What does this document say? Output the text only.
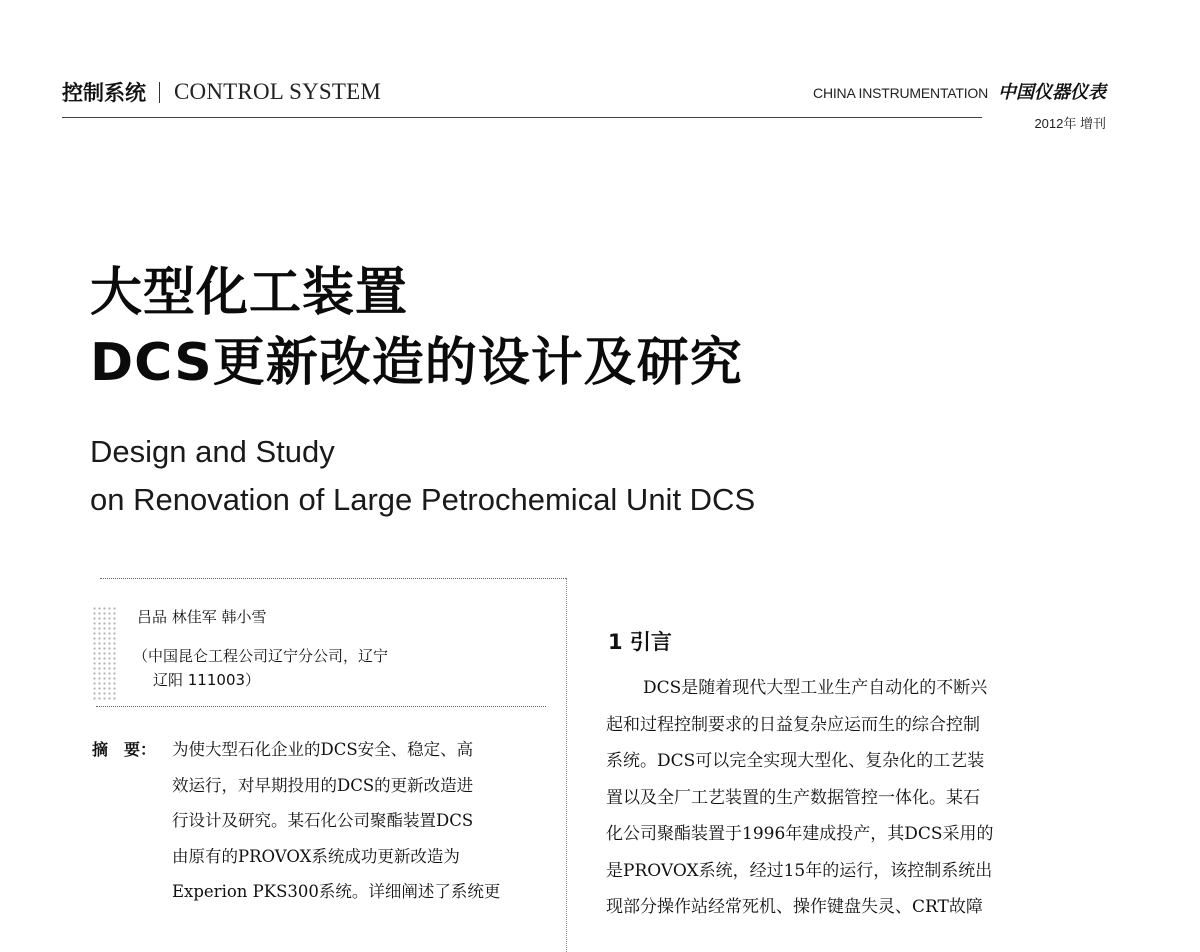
控制系统 CONTROL SYSTEM	CHINA INSTRUMENTATION 中国仪器仪表
2012年 增刊
大型化工装置
DCS更新改造的设计及研究
Design and Study
on Renovation of Large Petrochemical Unit DCS
吕品 林佳军 韩小雪
（中国昆仑工程公司辽宁分公司，辽宁
辽阳 111003）
摘　要： 为使大型石化企业的DCS安全、稳定、高
效运行，对早期投用的DCS的更新改造进
行设计及研究。某石化公司聚酯装置DCS
由原有的PROVOX系统成功更新改造为
Experion PKS300系统。详细阐述了系统更
1 引言
DCS是随着现代大型工业生产自动化的不断兴
起和过程控制要求的日益复杂应运而生的综合控制
系统。DCS可以完全实现大型化、复杂化的工艺装
置以及全厂工艺装置的生产数据管控一体化。某石
化公司聚酯装置于1996年建成投产，其DCS采用的
是PROVOX系统，经过15年的运行，该控制系统出
现部分操作站经常死机、操作键盘失灵、CRT故障
